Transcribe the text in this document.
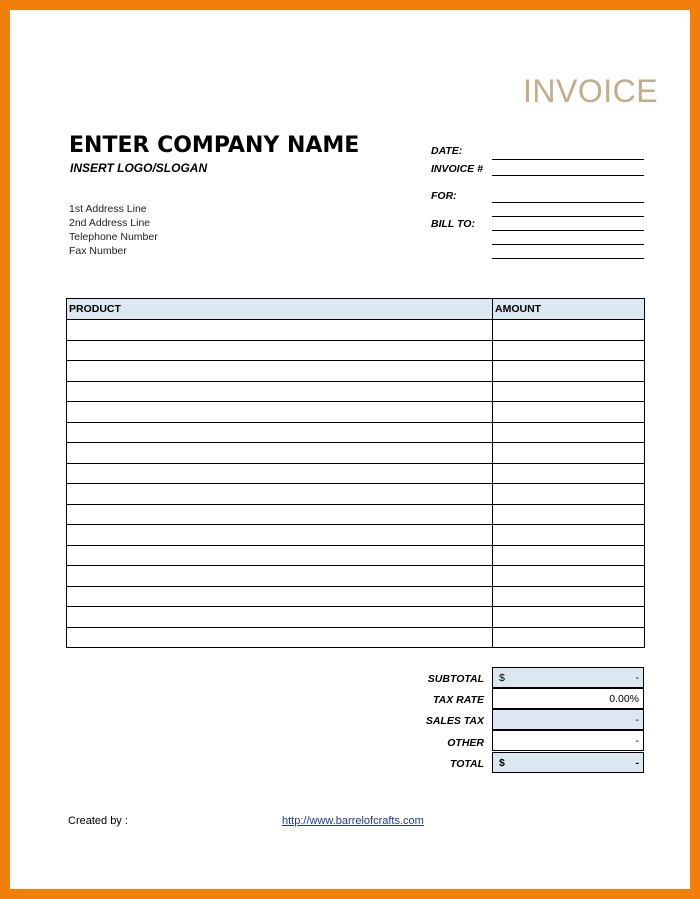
INVOICE
ENTER COMPANY NAME
INSERT LOGO/SLOGAN
1st Address Line
2nd Address Line
Telephone Number
Fax Number
DATE:
INVOICE #
FOR:
BILL TO:
PRODUCT	AMOUNT

SUBTOTAL $	-
TAX RATE	0.00%
SALES TAX	-
OTHER	-
TOTAL $	-
Created by :	http://www.barrelofcrafts.com
